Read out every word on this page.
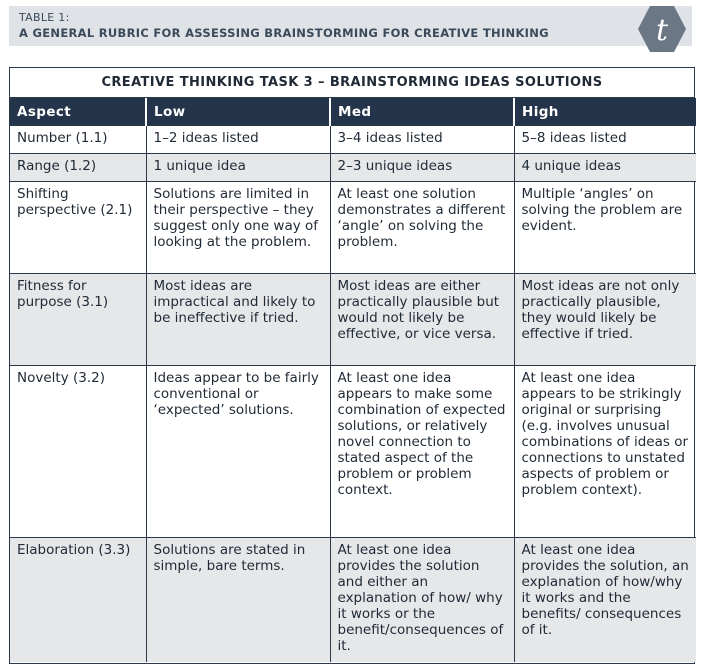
TABLE 1:
A GENERAL RUBRIC FOR ASSESSING BRAINSTORMING FOR CREATIVE THINKING	t
CREATIVE THINKING TASK 3 – BRAINSTORMING IDEAS SOLUTIONS
Aspect	Low	Med	High
Number (1.1)	1–2 ideas listed	3–4 ideas listed	5–8 ideas listed
Range (1.2)	1 unique idea	2–3 unique ideas	4 unique ideas
Shifting perspective (2.1)	Solutions are limited in their perspective – they suggest only one way of looking at the problem.	At least one solution demonstrates a different ‘angle’ on solving the problem.	Multiple ‘angles’ on solving the problem are evident.
Fitness for purpose (3.1)	Most ideas are impractical and likely to be ineffective if tried.	Most ideas are either practically plausible but would not likely be effective, or vice versa.	Most ideas are not only practically plausible, they would likely be effective if tried.
Novelty (3.2)	Ideas appear to be fairly conventional or ‘expected’ solutions.	At least one idea appears to make some combination of expected solutions, or relatively novel connection to stated aspect of the problem or problem context.	At least one idea appears to be strikingly original or surprising (e.g. involves unusual combinations of ideas or connections to unstated aspects of problem or problem context).
Elaboration (3.3)	Solutions are stated in simple, bare terms.	At least one idea provides the solution and either an explanation of how/ why it works or the benefit/consequences of it.	At least one idea provides the solution, an explanation of how/why it works and the benefits/ consequences of it.
